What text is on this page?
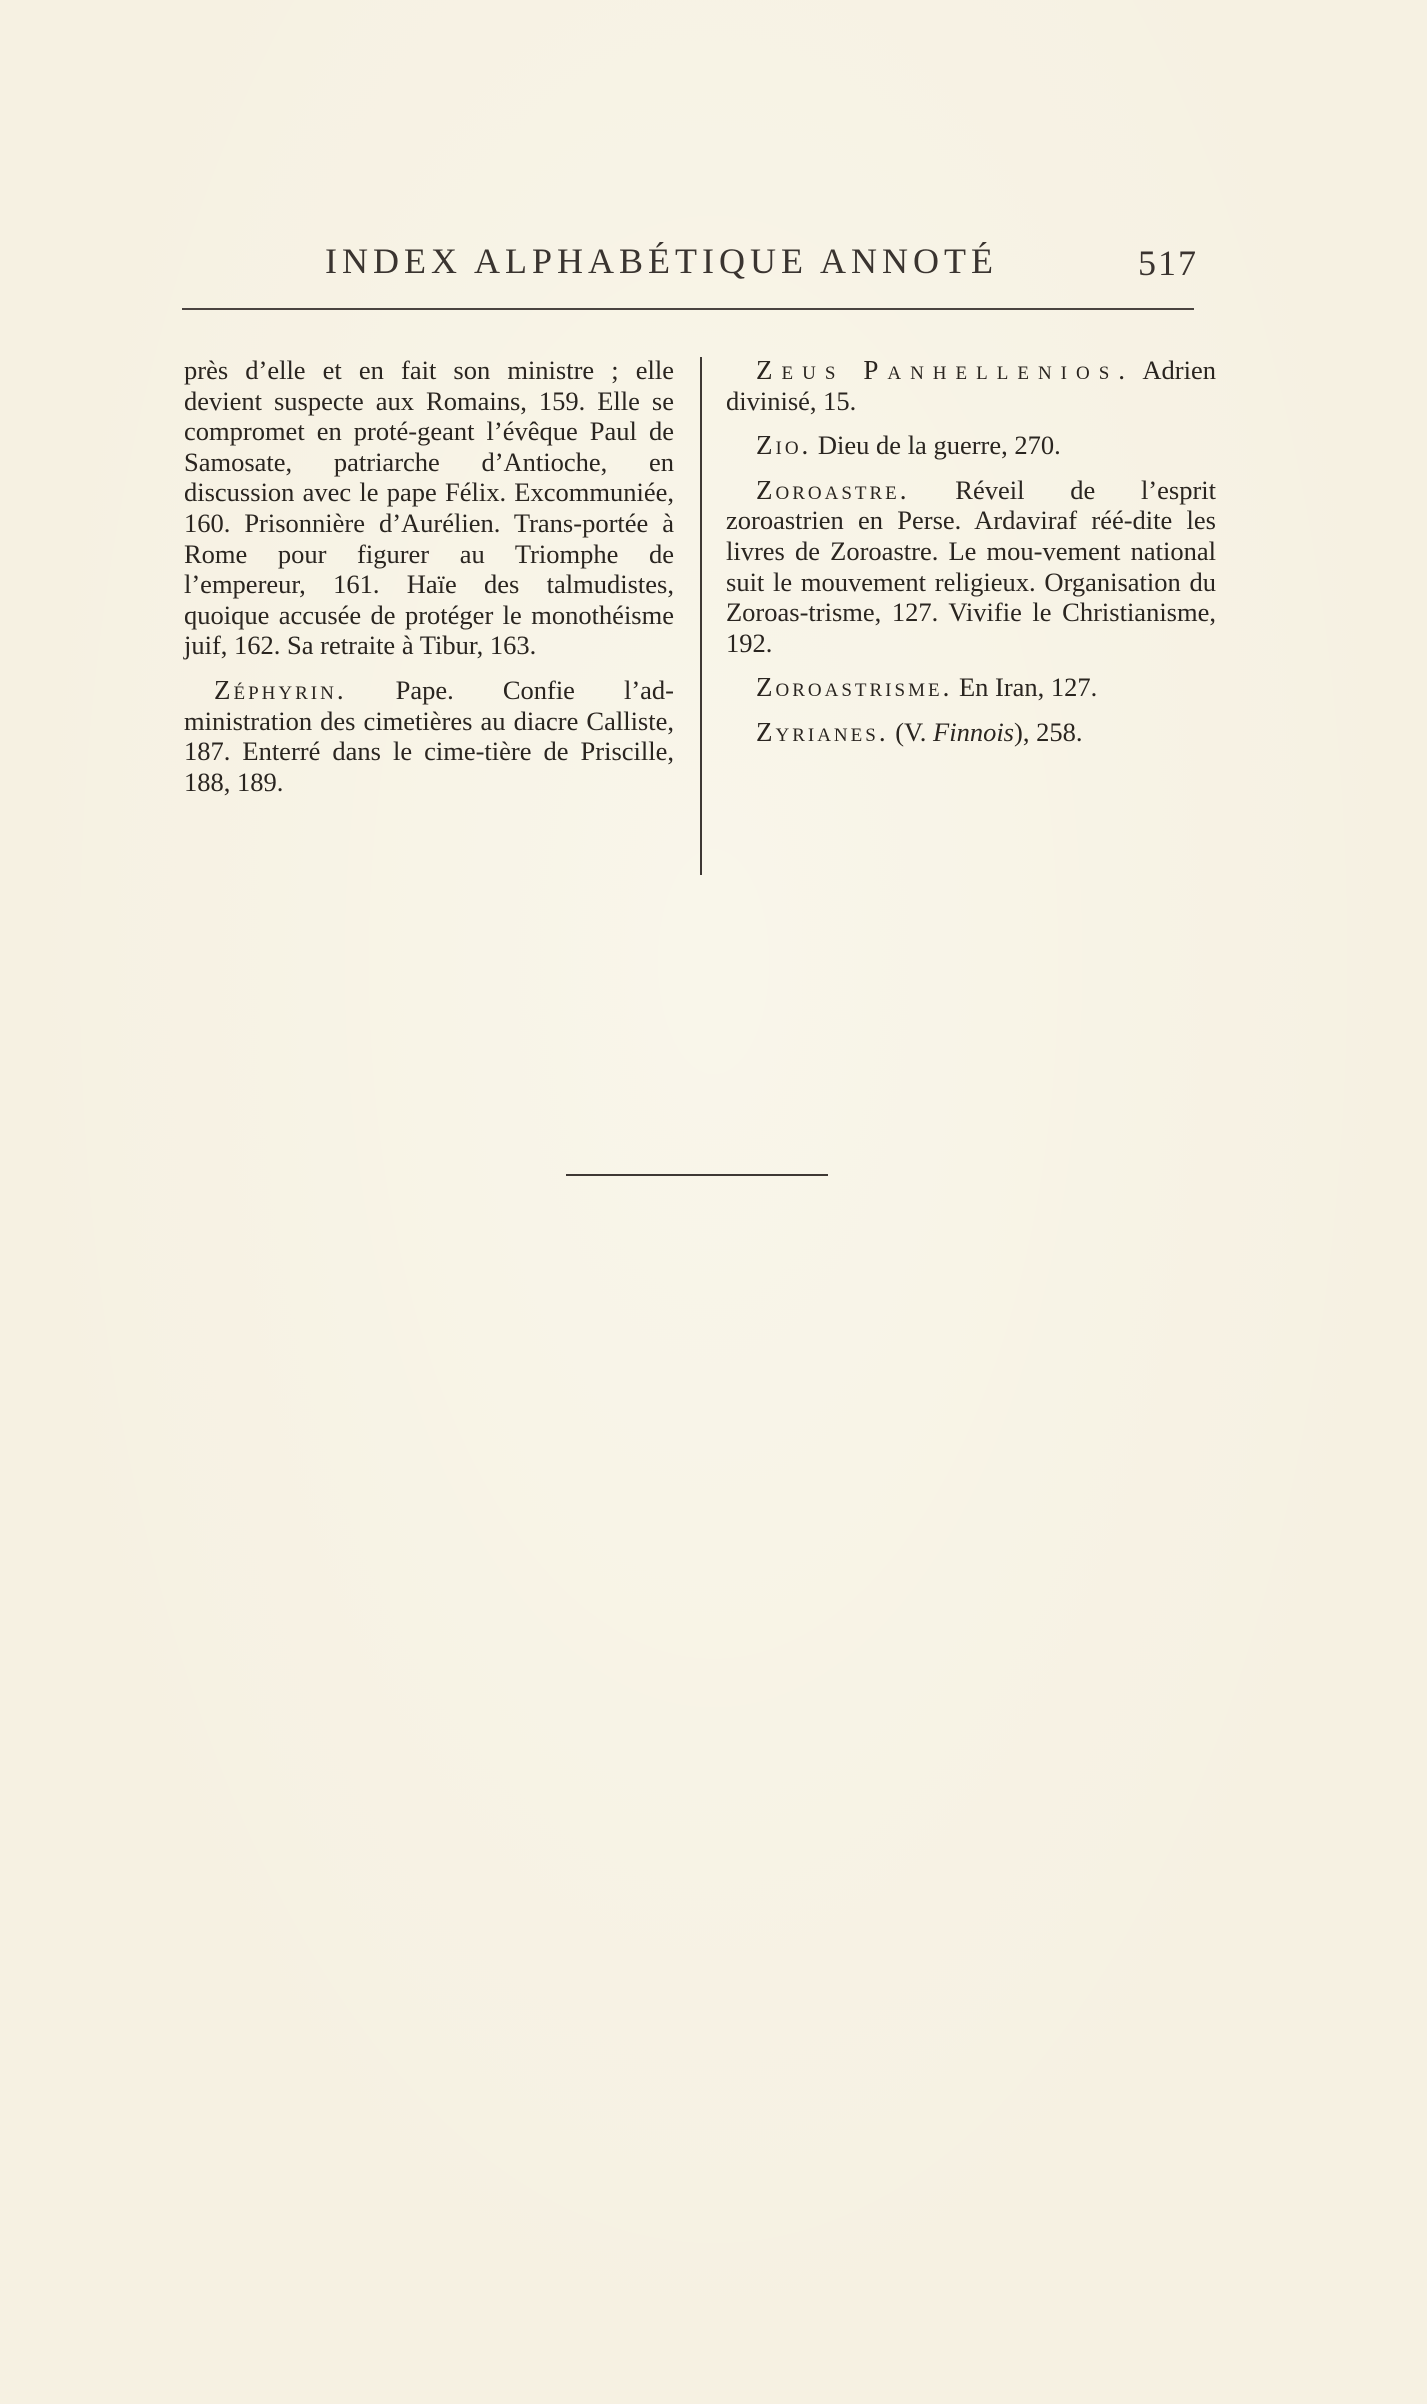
INDEX ALPHABÉTIQUE ANNOTÉ	517

près d’elle et en fait son ministre ; elle devient suspecte aux Romains, 159. Elle se compromet en proté-geant l’évêque Paul de Samosate, patriarche d’Antioche, en discussion avec le pape Félix. Excommuniée, 160. Prisonnière d’Aurélien. Trans-portée à Rome pour figurer au Triomphe de l’empereur, 161. Haïe des talmudistes, quoique accusée de protéger le monothéisme juif, 162. Sa retraite à Tibur, 163.

Zéphyrin. Pape. Confie l’ad-ministration des cimetières au diacre Calliste, 187. Enterré dans le cime-tière de Priscille, 188, 189.

Zeus Panhellenios. Adrien divinisé, 15.

Zio. Dieu de la guerre, 270.

Zoroastre. Réveil de l’esprit zoroastrien en Perse. Ardaviraf réé-dite les livres de Zoroastre. Le mou-vement national suit le mouvement religieux. Organisation du Zoroas-trisme, 127. Vivifie le Christianisme, 192.

Zoroastrisme. En Iran, 127.

Zyrianes. (V. Finnois), 258.
